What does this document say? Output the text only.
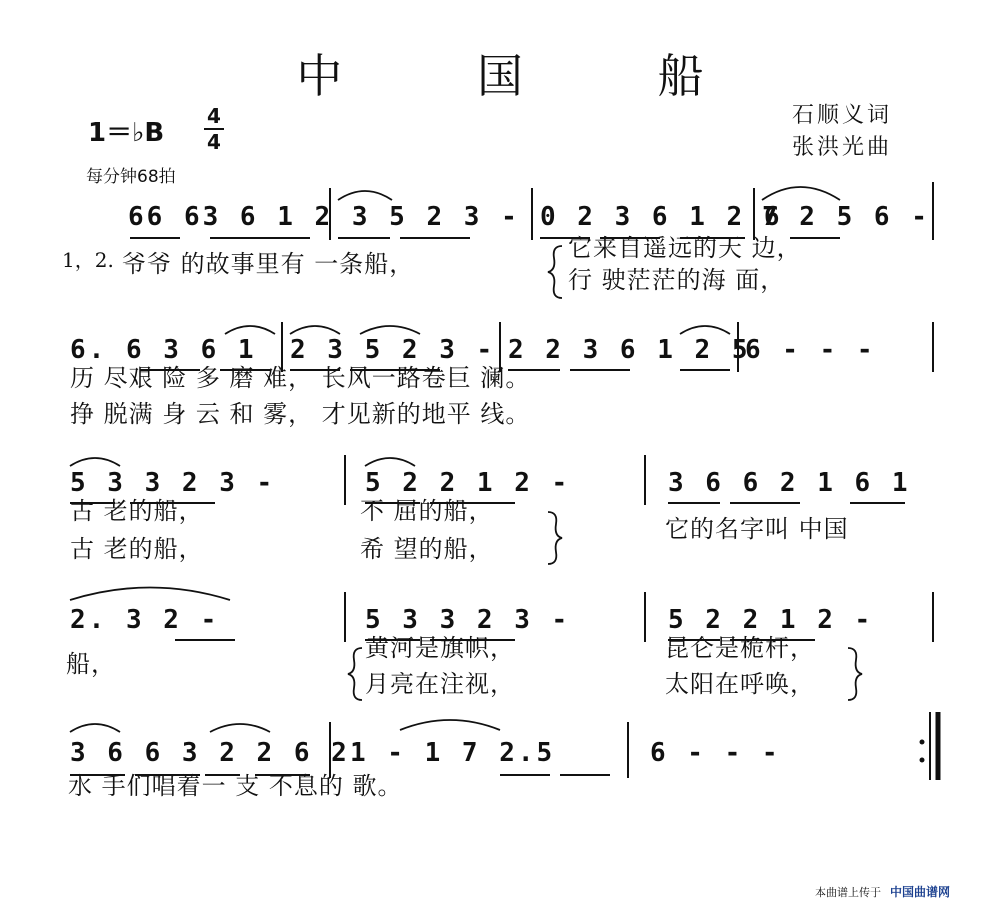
中 国 船
石顺义词
张洪光曲
1＝♭B
4
4
每分钟68拍
66 63 6 1 2 3 5 2 3 - 0 2 3 6 1 2 6
7 2 5 6 -
1，2. 爷爷 的故事里有 一条船，
它来自遥远的天 边，
行 驶茫茫的海 面，
6. 6 3 6 1 2 3 5 2 3 - 2 2 3 6 1 2 5
6 - - -
历 尽艰 险 多 磨 难， 长风一路卷巨 澜。
挣 脱满 身 云 和 雾， 才见新的地平 线。
5 3 3 2 3 -	5 2 2 1 2 -	3 6 6 2 1 6 1
古 老的船，
古 老的船，
不 屈的船，
希 望的船，
它的名字叫 中国
2. 3 2 -	5 3 3 2 3 -	5 2 2 1 2 -
船，
黄河是旗帜，
月亮在注视，
昆仑是桅杆，
太阳在呼唤，
3 6 6 3 2 2 6 2 1 - 1 7 2.5	6 - - -
水 手们唱着一 支 不息的 歌。
本曲谱上传于 中国曲谱网
